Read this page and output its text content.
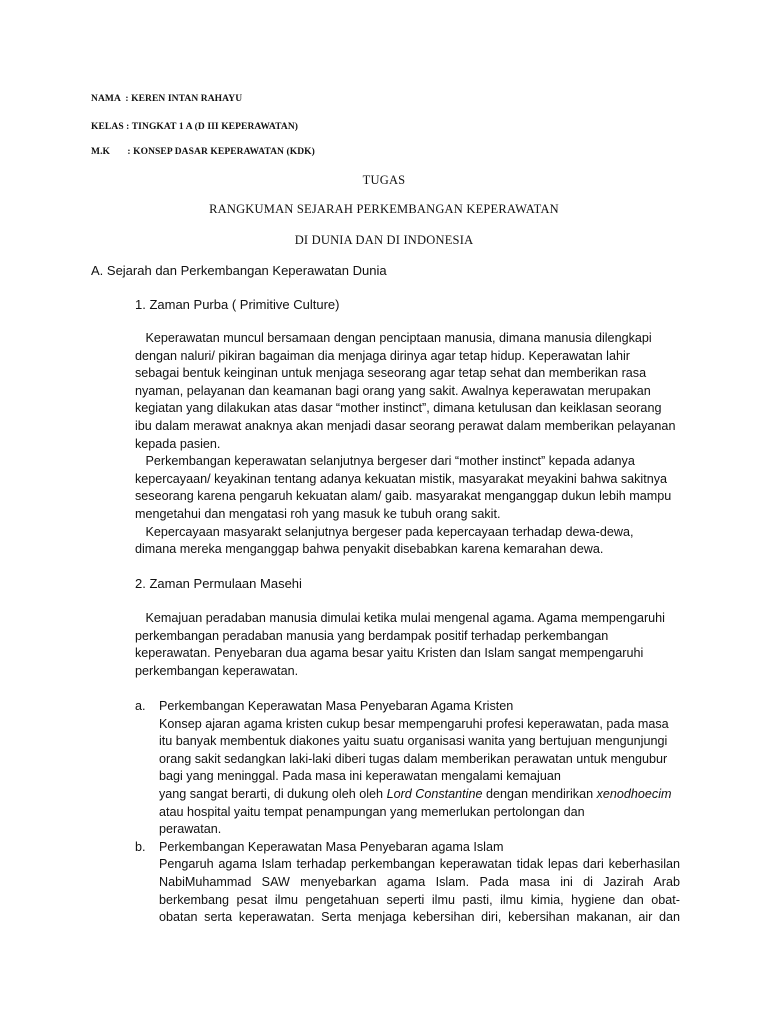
NAMA  : KEREN INTAN RAHAYU
KELAS : TINGKAT 1 A (D III KEPERAWATAN)
M.K       : KONSEP DASAR KEPERAWATAN (KDK)
TUGAS
RANGKUMAN SEJARAH PERKEMBANGAN KEPERAWATAN
DI DUNIA DAN DI INDONESIA
A. Sejarah dan Perkembangan Keperawatan Dunia
1. Zaman Purba ( Primitive Culture)

Keperawatan muncul bersamaan dengan penciptaan manusia, dimana manusia dilengkapi

dengan naluri/ pikiran bagaiman dia menjaga dirinya agar tetap hidup. Keperawatan lahir

sebagai bentuk keinginan untuk menjaga seseorang agar tetap sehat dan memberikan rasa

nyaman, pelayanan dan keamanan bagi orang yang sakit. Awalnya keperawatan merupakan

kegiatan yang dilakukan atas dasar “mother instinct”, dimana ketulusan dan keiklasan seorang

ibu dalam merawat anaknya akan menjadi dasar seorang perawat dalam memberikan pelayanan

kepada pasien.

Perkembangan keperawatan selanjutnya bergeser dari “mother instinct” kepada adanya

kepercayaan/ keyakinan tentang adanya kekuatan mistik, masyarakat meyakini bahwa sakitnya

seseorang karena pengaruh kekuatan alam/ gaib. masyarakat menganggap dukun lebih mampu

mengetahui dan mengatasi roh yang masuk ke tubuh orang sakit.

Kepercayaan masyarakt selanjutnya bergeser pada kepercayaan terhadap dewa-dewa,

dimana mereka menganggap bahwa penyakit disebabkan karena kemarahan dewa.

2. Zaman Permulaan Masehi

Kemajuan peradaban manusia dimulai ketika mulai mengenal agama. Agama mempengaruhi

perkembangan peradaban manusia yang berdampak positif terhadap perkembangan

keperawatan. Penyebaran dua agama besar yaitu Kristen dan Islam sangat mempengaruhi

perkembangan keperawatan.

a. Perkembangan Keperawatan Masa Penyebaran Agama Kristen

Konsep ajaran agama kristen cukup besar mempengaruhi profesi keperawatan, pada masa

itu banyak membentuk diakones yaitu suatu organisasi wanita yang bertujuan mengunjungi

orang sakit sedangkan laki-laki diberi tugas dalam memberikan perawatan untuk mengubur

bagi yang meninggal. Pada masa ini keperawatan mengalami kemajuan

yang sangat berarti, di dukung oleh oleh Lord Constantine dengan mendirikan xenodhoecim

atau hospital yaitu tempat penampungan yang memerlukan pertolongan dan

perawatan.

b. Perkembangan Keperawatan Masa Penyebaran agama Islam

Pengaruh agama Islam terhadap perkembangan keperawatan tidak lepas dari keberhasilan

NabiMuhammad SAW menyebarkan agama Islam. Pada masa ini di Jazirah Arab

berkembang pesat ilmu pengetahuan seperti ilmu pasti, ilmu kimia, hygiene dan obat-

obatan serta keperawatan. Serta menjaga kebersihan diri, kebersihan makanan, air dan
